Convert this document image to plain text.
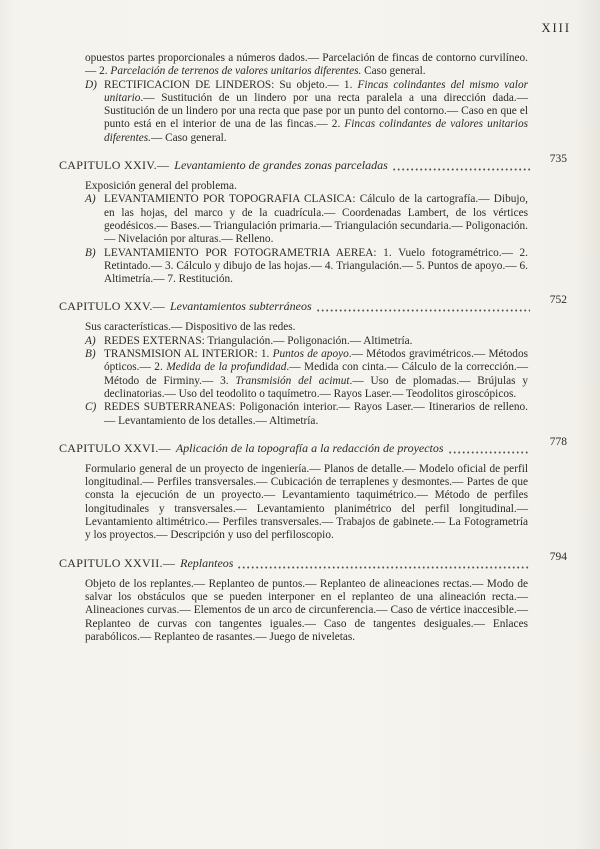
XIII

opuestos partes proporcionales a números dados.— Parcelación de fincas de contorno curvilíneo.— 2. Parcelación de terrenos de valores unitarios diferentes. Caso general.

D) RECTIFICACION DE LINDEROS: Su objeto.— 1. Fincas colindantes del mismo valor unitario.— Sustitución de un lindero por una recta paralela a una dirección dada.— Sustitución de un lindero por una recta que pase por un punto del contorno.— Caso en que el punto está en el interior de una de las fincas.— 2. Fincas colindantes de valores unitarios diferentes.— Caso general.

CAPITULO XXIV.— Levantamiento de grandes zonas parceladas	735

Exposición general del problema.

A) LEVANTAMIENTO POR TOPOGRAFIA CLASICA: Cálculo de la cartografía.— Dibujo, en las hojas, del marco y de la cuadrícula.— Coordenadas Lambert, de los vértices geodésicos.— Bases.— Triangulación primaria.— Triangulación secundaria.— Poligonación.— Nivelación por alturas.— Relleno.

B) LEVANTAMIENTO POR FOTOGRAMETRIA AEREA: 1. Vuelo fotogramétrico.— 2. Retintado.— 3. Cálculo y dibujo de las hojas.— 4. Triangulación.— 5. Puntos de apoyo.— 6. Altimetría.— 7. Restitución.

CAPITULO XXV.— Levantamientos subterráneos	752

Sus características.— Dispositivo de las redes.

A) REDES EXTERNAS: Triangulación.— Poligonación.— Altimetría.

B) TRANSMISION AL INTERIOR: 1. Puntos de apoyo.— Métodos gravimétricos.— Métodos ópticos.— 2. Medida de la profundidad.— Medida con cinta.— Cálculo de la corrección.— Método de Firminy.— 3. Transmisión del acimut.— Uso de plomadas.— Brújulas y declinatorias.— Uso del teodolito o taquímetro.— Rayos Laser.— Teodolitos giroscópicos.

C) REDES SUBTERRANEAS: Poligonación interior.— Rayos Laser.— Itinerarios de relleno.— Levantamiento de los detalles.— Altimetría.

CAPITULO XXVI.— Aplicación de la topografía a la redacción de proyectos	778

Formulario general de un proyecto de ingeniería.— Planos de detalle.— Modelo oficial de perfil longitudinal.— Perfiles transversales.— Cubicación de terraplenes y desmontes.— Partes de que consta la ejecución de un proyecto.— Levantamiento taquimétrico.— Método de perfiles longitudinales y transversales.— Levantamiento planimétrico del perfil longitudinal.— Levantamiento altimétrico.— Perfiles transversales.— Trabajos de gabinete.— La Fotogrametría y los proyectos.— Descripción y uso del perfiloscopio.

CAPITULO XXVII.— Replanteos	794

Objeto de los replantes.— Replanteo de puntos.— Replanteo de alineaciones rectas.— Modo de salvar los obstáculos que se pueden interponer en el replanteo de una alineación recta.— Alineaciones curvas.— Elementos de un arco de circunferencia.— Caso de vértice inaccesible.— Replanteo de curvas con tangentes iguales.— Caso de tangentes desiguales.— Enlaces parabólicos.— Replanteo de rasantes.— Juego de niveletas.
